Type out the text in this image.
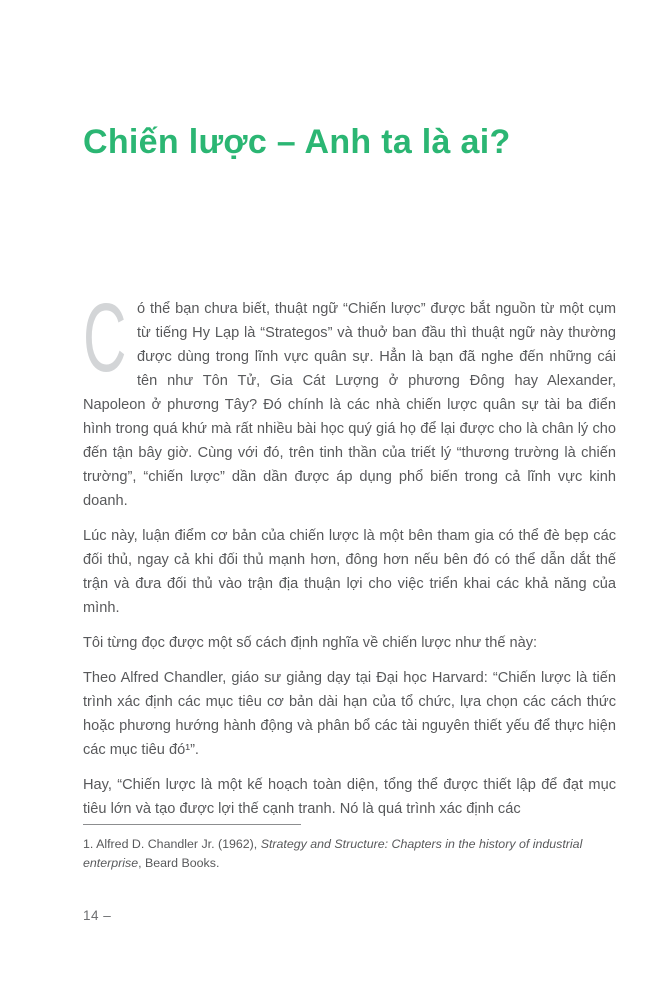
Chiến lược – Anh ta là ai?

Có thể bạn chưa biết, thuật ngữ “Chiến lược” được bắt nguồn từ một cụm từ tiếng Hy Lạp là “Strategos” và thuở ban đầu thì thuật ngữ này thường được dùng trong lĩnh vực quân sự. Hẳn là bạn đã nghe đến những cái tên như Tôn Tử, Gia Cát Lượng ở phương Đông hay Alexander, Napoleon ở phương Tây? Đó chính là các nhà chiến lược quân sự tài ba điển hình trong quá khứ mà rất nhiều bài học quý giá họ để lại được cho là chân lý cho đến tận bây giờ. Cùng với đó, trên tinh thần của triết lý “thương trường là chiến trường”, “chiến lược” dần dần được áp dụng phổ biến trong cả lĩnh vực kinh doanh.

Lúc này, luận điểm cơ bản của chiến lược là một bên tham gia có thể đè bẹp các đối thủ, ngay cả khi đối thủ mạnh hơn, đông hơn nếu bên đó có thể dẫn dắt thế trận và đưa đối thủ vào trận địa thuận lợi cho việc triển khai các khả năng của mình.

Tôi từng đọc được một số cách định nghĩa về chiến lược như thế này:

Theo Alfred Chandler, giáo sư giảng dạy tại Đại học Harvard: “Chiến lược là tiến trình xác định các mục tiêu cơ bản dài hạn của tổ chức, lựa chọn các cách thức hoặc phương hướng hành động và phân bổ các tài nguyên thiết yếu để thực hiện các mục tiêu đó¹”.

Hay, “Chiến lược là một kế hoạch toàn diện, tổng thể được thiết lập để đạt mục tiêu lớn và tạo được lợi thế cạnh tranh. Nó là quá trình xác định các

1. Alfred D. Chandler Jr. (1962), Strategy and Structure: Chapters in the history of industrial enterprise, Beard Books.

14 –
